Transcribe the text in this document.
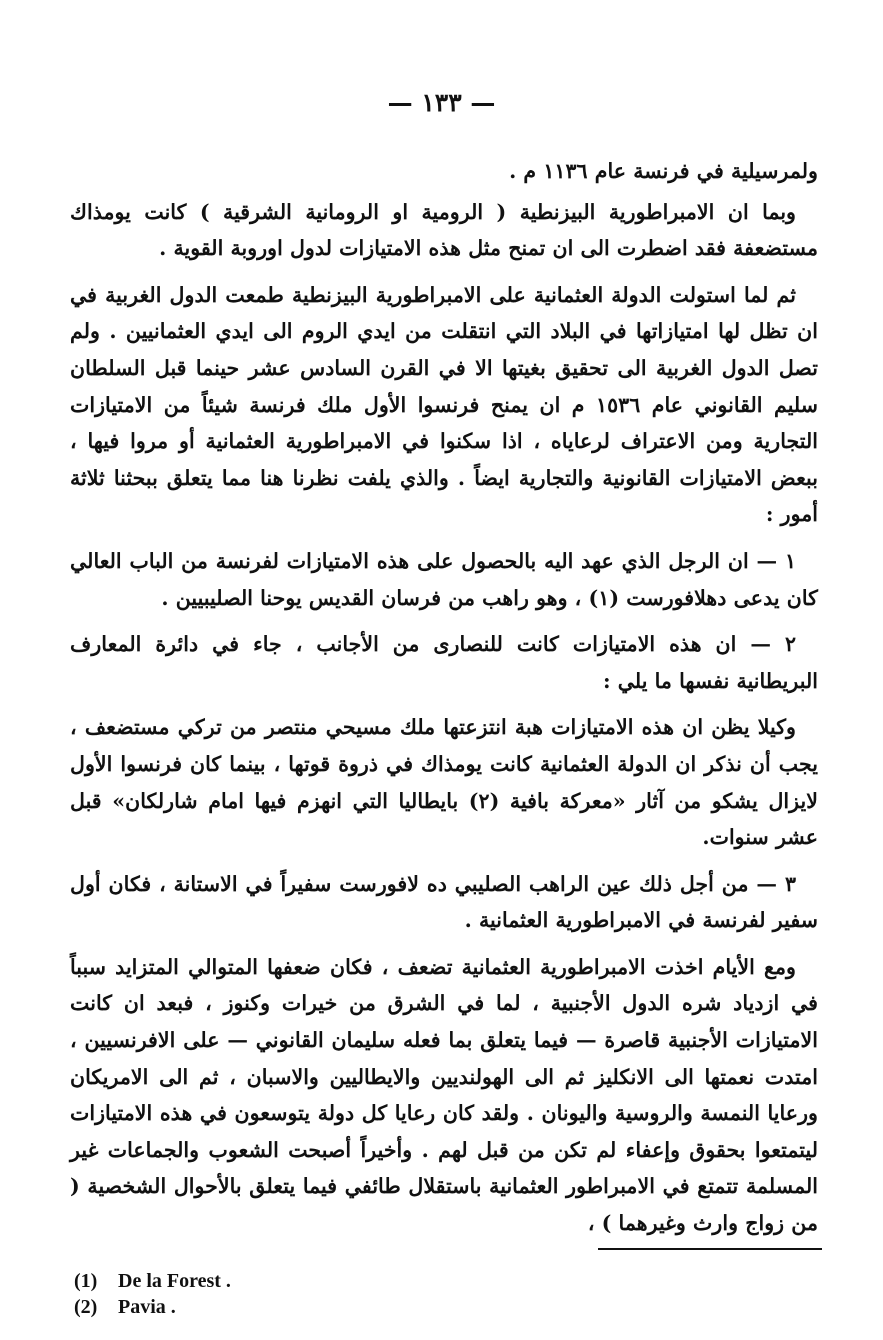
— ١٣٣ —

ولمرسيلية في فرنسة عام ١١٣٦ م .

وبما ان الامبراطورية البيزنطية ( الرومية او الرومانية الشرقية ) كانت يومذاك مستضعفة فقد اضطرت الى ان تمنح مثل هذه الامتيازات لدول اوروبة القوية .

ثم لما استولت الدولة العثمانية على الامبراطورية البيزنطية طمعت الدول الغربية في ان تظل لها امتيازاتها في البلاد التي انتقلت من ايدي الروم الى ايدي العثمانيين . ولم تصل الدول الغربية الى تحقيق بغيتها الا في القرن السادس عشر حينما قبل السلطان سليم القانوني عام ١٥٣٦ م ان يمنح فرنسوا الأول ملك فرنسة شيئاً من الامتيازات التجارية ومن الاعتراف لرعاياه ، اذا سكنوا في الامبراطورية العثمانية أو مروا فيها ، ببعض الامتيازات القانونية والتجارية ايضاً . والذي يلفت نظرنا هنا مما يتعلق ببحثنا ثلاثة أمور :

١ — ان الرجل الذي عهد اليه بالحصول على هذه الامتيازات لفرنسة من الباب العالي كان يدعى دهلافورست (١) ، وهو راهب من فرسان القديس يوحنا الصليبيين .

٢ — ان هذه الامتيازات كانت للنصارى من الأجانب ، جاء في دائرة المعارف البريطانية نفسها ما يلي :

وكيلا يظن ان هذه الامتيازات هبة انتزعتها ملك مسيحي منتصر من تركي مستضعف ، يجب أن نذكر ان الدولة العثمانية كانت يومذاك في ذروة قوتها ، بينما كان فرنسوا الأول لايزال يشكو من آثار «معركة بافية (٢) بايطاليا التي انهزم فيها امام شارلكان» قبل عشر سنوات.

٣ — من أجل ذلك عين الراهب الصليبي ده لافورست سفيراً في الاستانة ، فكان أول سفير لفرنسة في الامبراطورية العثمانية .

ومع الأيام اخذت الامبراطورية العثمانية تضعف ، فكان ضعفها المتوالي المتزايد سبباً في ازدياد شره الدول الأجنبية ، لما في الشرق من خيرات وكنوز ، فبعد ان كانت الامتيازات الأجنبية قاصرة — فيما يتعلق بما فعله سليمان القانوني — على الافرنسيين ، امتدت نعمتها الى الانكليز ثم الى الهولنديين والايطاليين والاسبان ، ثم الى الامريكان ورعايا النمسة والروسية واليونان . ولقد كان رعايا كل دولة يتوسعون في هذه الامتيازات ليتمتعوا بحقوق وإعفاء لم تكن من قبل لهم . وأخيراً أصبحت الشعوب والجماعات غير المسلمة تتمتع في الامبراطور العثمانية باستقلال طائفي فيما يتعلق بالأحوال الشخصية ( من زواج وارث وغيرهما ) ،

(1) De la Forest .
(2) Pavia .
